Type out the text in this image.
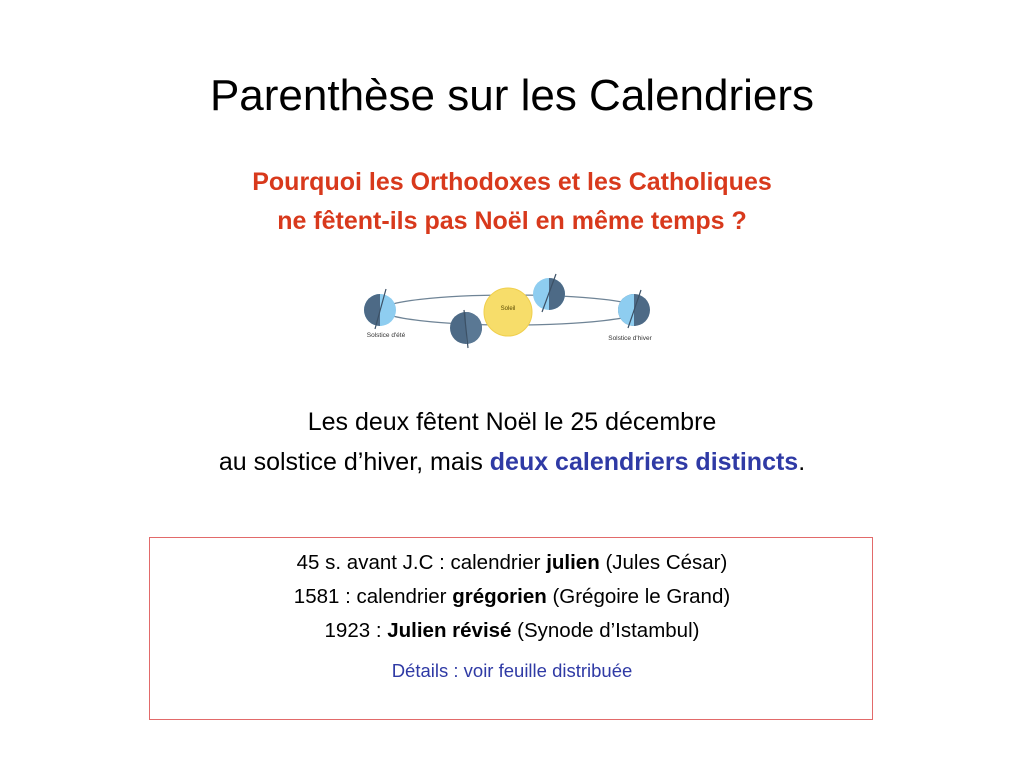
Parenthèse sur les Calendriers
Pourquoi les Orthodoxes et les Catholiques
ne fêtent-ils pas Noël en même temps ?
Soleil
Solstice d'été	Solstice d'hiver
Les deux fêtent Noël le 25 décembre
au solstice d’hiver, mais deux calendriers distincts.
45 s. avant J.C : calendrier julien (Jules César)
1581 : calendrier grégorien (Grégoire le Grand)
1923 : Julien révisé (Synode d’Istambul)
Détails : voir feuille distribuée
